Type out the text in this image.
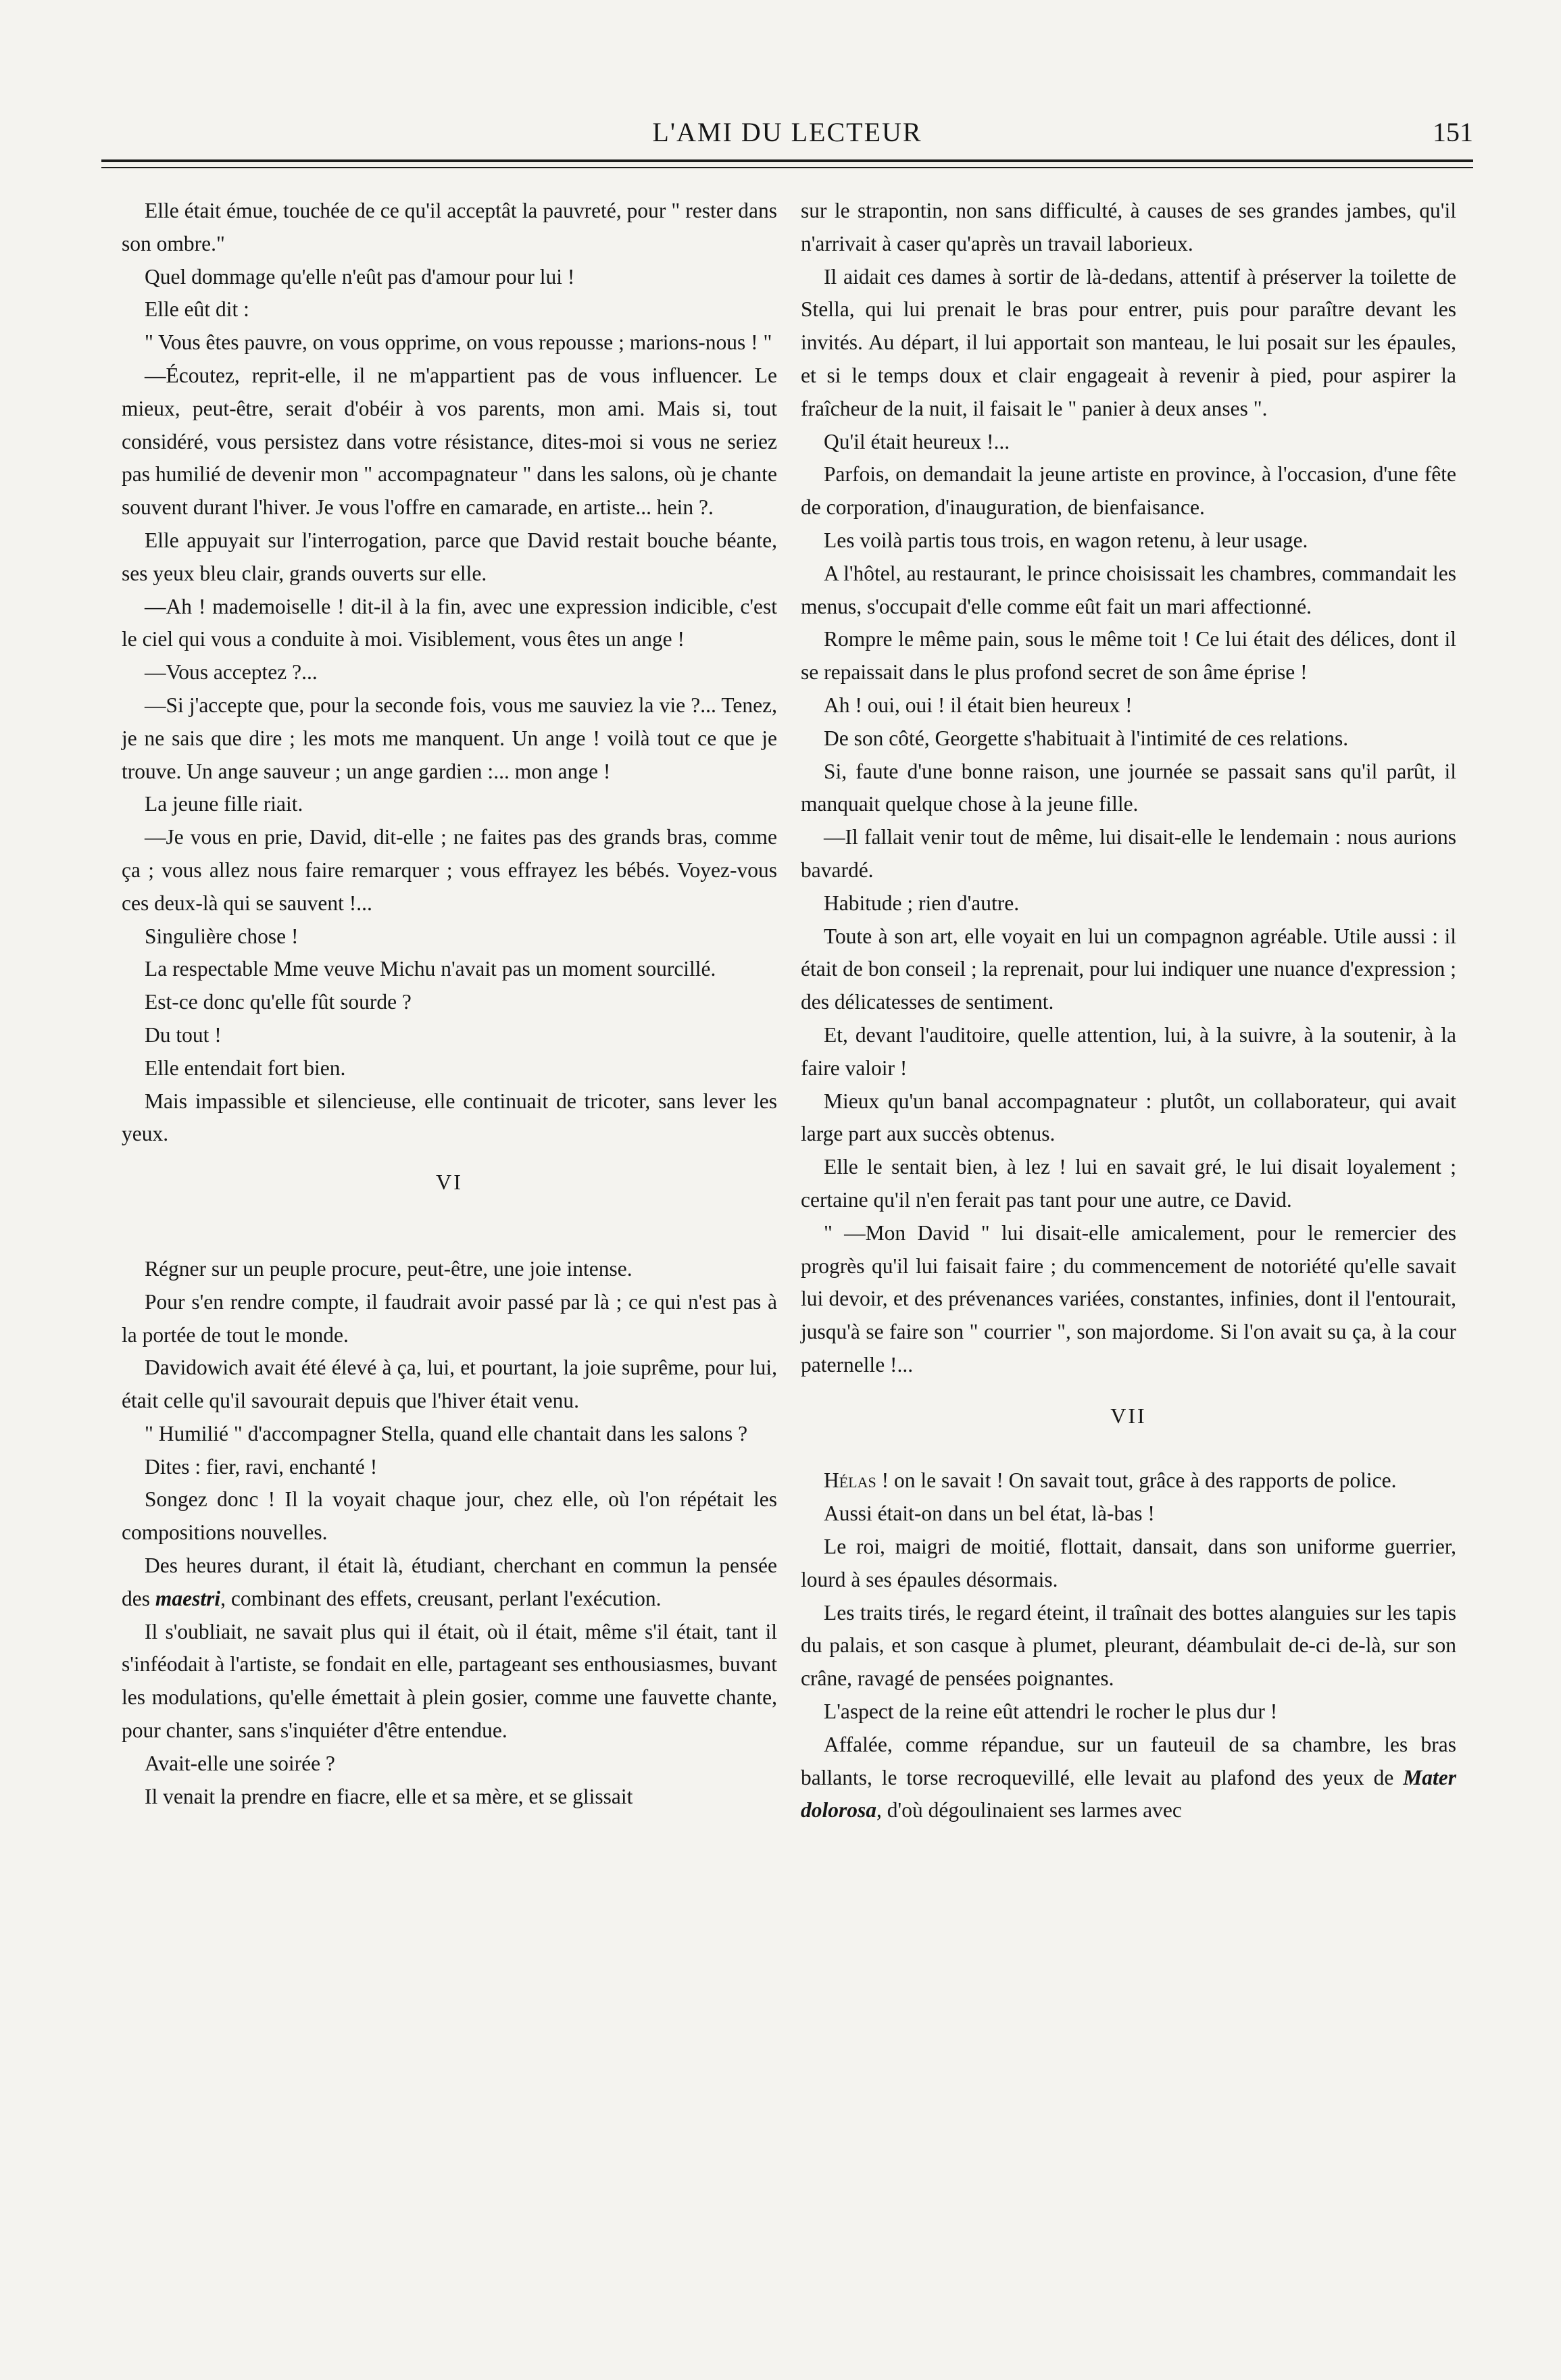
L'AMI DU LECTEUR	151

Elle était émue, touchée de ce qu'il acceptât la pauvreté, pour " rester dans son ombre."

Quel dommage qu'elle n'eût pas d'amour pour lui !

Elle eût dit :

" Vous êtes pauvre, on vous opprime, on vous repousse ; marions-nous ! "

—Écoutez, reprit-elle, il ne m'appartient pas de vous influencer. Le mieux, peut-être, serait d'obéir à vos parents, mon ami. Mais si, tout considéré, vous persistez dans votre résistance, dites-moi si vous ne seriez pas humilié de devenir mon " accompagnateur " dans les salons, où je chante souvent durant l'hiver. Je vous l'offre en camarade, en artiste... hein ?.

Elle appuyait sur l'interrogation, parce que David restait bouche béante, ses yeux bleu clair, grands ouverts sur elle.

—Ah ! mademoiselle ! dit-il à la fin, avec une expression indicible, c'est le ciel qui vous a conduite à moi. Visiblement, vous êtes un ange !

—Vous acceptez ?...

—Si j'accepte que, pour la seconde fois, vous me sauviez la vie ?... Tenez, je ne sais que dire ; les mots me manquent. Un ange ! voilà tout ce que je trouve. Un ange sauveur ; un ange gardien :... mon ange !

La jeune fille riait.

—Je vous en prie, David, dit-elle ; ne faites pas des grands bras, comme ça ; vous allez nous faire remarquer ; vous effrayez les bébés. Voyez-vous ces deux-là qui se sauvent !...

Singulière chose !

La respectable Mme veuve Michu n'avait pas un moment sourcillé.

Est-ce donc qu'elle fût sourde ?

Du tout !

Elle entendait fort bien.

Mais impassible et silencieuse, elle continuait de tricoter, sans lever les yeux.

VI

Régner sur un peuple procure, peut-être, une joie intense.

Pour s'en rendre compte, il faudrait avoir passé par là ; ce qui n'est pas à la portée de tout le monde.

Davidowich avait été élevé à ça, lui, et pourtant, la joie suprême, pour lui, était celle qu'il savourait depuis que l'hiver était venu.

" Humilié " d'accompagner Stella, quand elle chantait dans les salons ?

Dites : fier, ravi, enchanté !

Songez donc ! Il la voyait chaque jour, chez elle, où l'on répétait les compositions nouvelles.

Des heures durant, il était là, étudiant, cherchant en commun la pensée des maestri, combinant des effets, creusant, perlant l'exécution.

Il s'oubliait, ne savait plus qui il était, où il était, même s'il était, tant il s'inféodait à l'artiste, se fondait en elle, partageant ses enthousiasmes, buvant les modulations, qu'elle émettait à plein gosier, comme une fauvette chante, pour chanter, sans s'inquiéter d'être entendue.

Avait-elle une soirée ?

Il venait la prendre en fiacre, elle et sa mère, et se glissait

sur le strapontin, non sans difficulté, à causes de ses grandes jambes, qu'il n'arrivait à caser qu'après un travail laborieux.

Il aidait ces dames à sortir de là-dedans, attentif à préserver la toilette de Stella, qui lui prenait le bras pour entrer, puis pour paraître devant les invités. Au départ, il lui apportait son manteau, le lui posait sur les épaules, et si le temps doux et clair engageait à revenir à pied, pour aspirer la fraîcheur de la nuit, il faisait le " panier à deux anses ".

Qu'il était heureux !...

Parfois, on demandait la jeune artiste en province, à l'occasion, d'une fête de corporation, d'inauguration, de bienfaisance.

Les voilà partis tous trois, en wagon retenu, à leur usage.

A l'hôtel, au restaurant, le prince choisissait les chambres, commandait les menus, s'occupait d'elle comme eût fait un mari affectionné.

Rompre le même pain, sous le même toit ! Ce lui était des délices, dont il se repaissait dans le plus profond secret de son âme éprise !

Ah ! oui, oui ! il était bien heureux !

De son côté, Georgette s'habituait à l'intimité de ces relations.

Si, faute d'une bonne raison, une journée se passait sans qu'il parût, il manquait quelque chose à la jeune fille.

—Il fallait venir tout de même, lui disait-elle le lendemain : nous aurions bavardé.

Habitude ; rien d'autre.

Toute à son art, elle voyait en lui un compagnon agréable. Utile aussi : il était de bon conseil ; la reprenait, pour lui indiquer une nuance d'expression ; des délicatesses de sentiment.

Et, devant l'auditoire, quelle attention, lui, à la suivre, à la soutenir, à la faire valoir !

Mieux qu'un banal accompagnateur : plutôt, un collaborateur, qui avait large part aux succès obtenus.

Elle le sentait bien, à lez ! lui en savait gré, le lui disait loyalement ; certaine qu'il n'en ferait pas tant pour une autre, ce David.

" —Mon David " lui disait-elle amicalement, pour le remercier des progrès qu'il lui faisait faire ; du commencement de notoriété qu'elle savait lui devoir, et des prévenances variées, constantes, infinies, dont il l'entourait, jusqu'à se faire son " courrier ", son majordome. Si l'on avait su ça, à la cour paternelle !...

VII

Hélas ! on le savait ! On savait tout, grâce à des rapports de police.

Aussi était-on dans un bel état, là-bas !

Le roi, maigri de moitié, flottait, dansait, dans son uniforme guerrier, lourd à ses épaules désormais.

Les traits tirés, le regard éteint, il traînait des bottes alanguies sur les tapis du palais, et son casque à plumet, pleurant, déambulait de-ci de-là, sur son crâne, ravagé de pensées poignantes.

L'aspect de la reine eût attendri le rocher le plus dur !

Affalée, comme répandue, sur un fauteuil de sa chambre, les bras ballants, le torse recroquevillé, elle levait au plafond des yeux de Mater dolorosa, d'où dégoulinaient ses larmes avec
